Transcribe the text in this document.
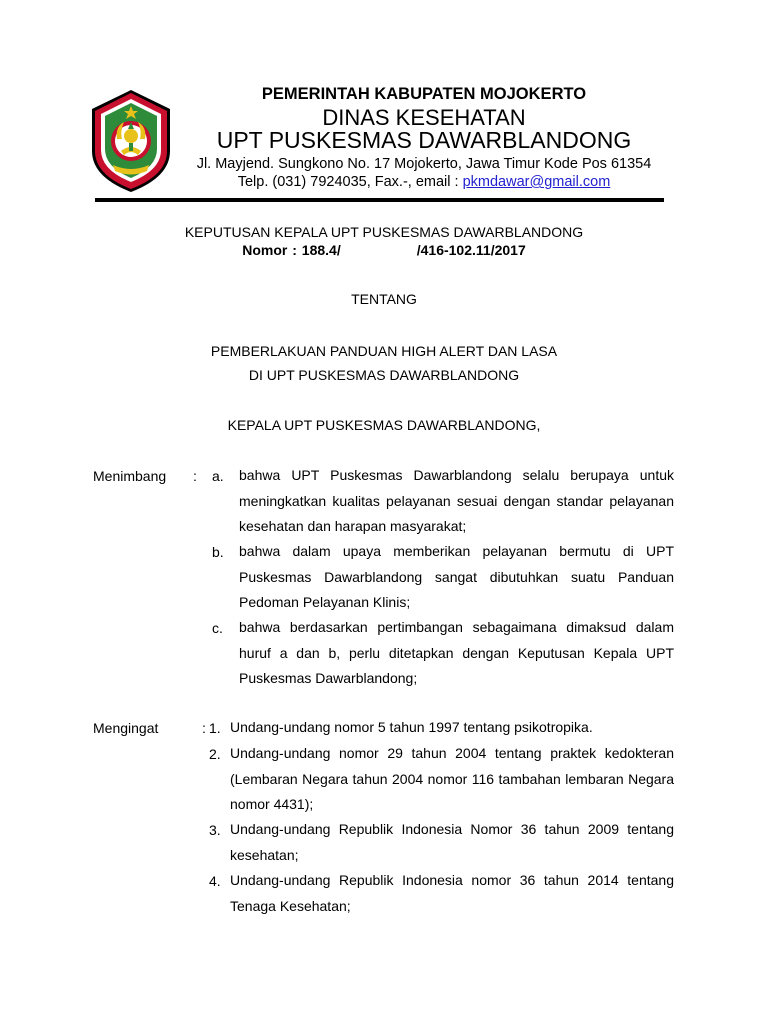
PEMERINTAH KABUPATEN MOJOKERTO
DINAS KESEHATAN
UPT PUSKESMAS DAWARBLANDONG
Jl. Mayjend. Sungkono No. 17 Mojokerto, Jawa Timur Kode Pos 61354
Telp. (031) 7924035, Fax.-, email : pkmdawar@gmail.com
KEPUTUSAN KEPALA UPT PUSKESMAS DAWARBLANDONG
Nomor : 188.4/	/416-102.11/2017
TENTANG
PEMBERLAKUAN PANDUAN HIGH ALERT DAN LASA
DI UPT PUSKESMAS DAWARBLANDONG
KEPALA UPT PUSKESMAS DAWARBLANDONG,
Menimbang : a. bahwa UPT Puskesmas Dawarblandong selalu berupaya untuk meningkatkan kualitas pelayanan sesuai dengan standar pelayanan kesehatan dan harapan masyarakat;
b. bahwa dalam upaya memberikan pelayanan bermutu di UPT Puskesmas Dawarblandong sangat dibutuhkan suatu Panduan Pedoman Pelayanan Klinis;
c. bahwa berdasarkan pertimbangan sebagaimana dimaksud dalam huruf a dan b, perlu ditetapkan dengan Keputusan Kepala UPT Puskesmas Dawarblandong;
Mengingat	: 1. Undang-undang nomor 5 tahun 1997 tentang psikotropika.
2. Undang-undang nomor 29 tahun 2004 tentang praktek kedokteran (Lembaran Negara tahun 2004 nomor 116 tambahan lembaran Negara nomor 4431);
3. Undang-undang Republik Indonesia Nomor 36 tahun 2009 tentang kesehatan;
4. Undang-undang Republik Indonesia nomor 36 tahun 2014 tentang Tenaga Kesehatan;
